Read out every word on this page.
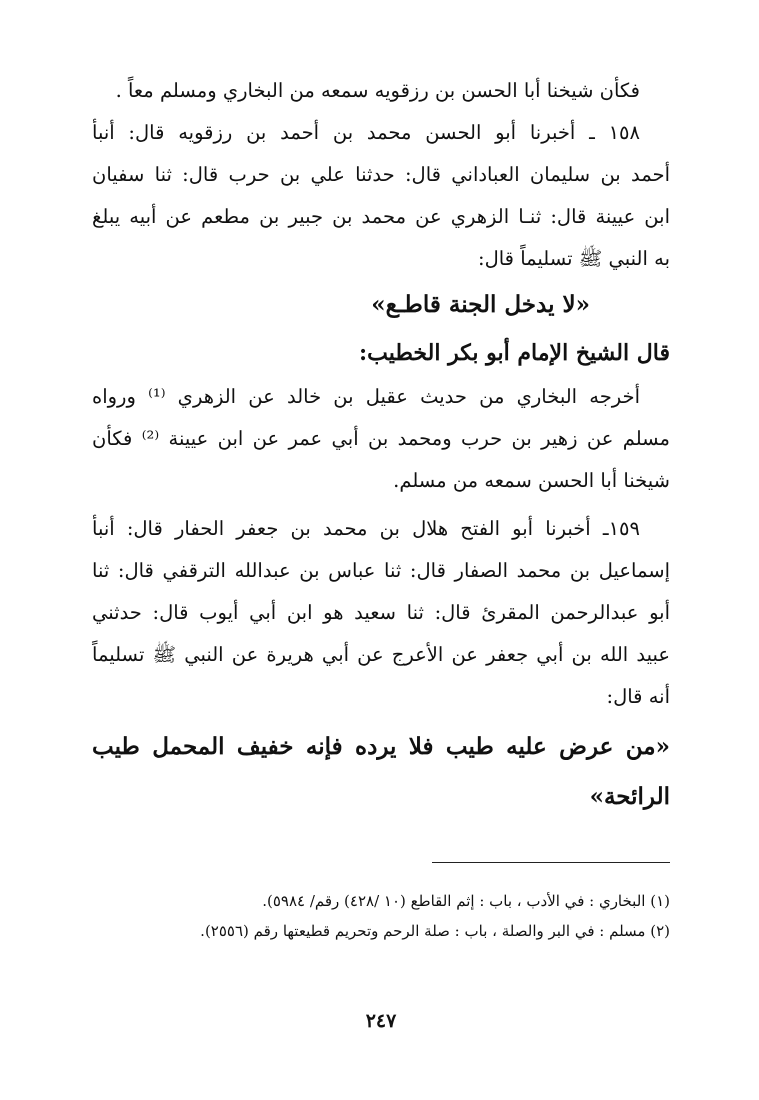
فكأن شيخنا أبا الحسن بن رزقويه سمعه من البخاري ومسلم معاً .
١٥٨ ـ أخبرنا أبو الحسن محمد بن أحمد بن رزقويه قال: أنبأ
أحمد بن سليمان العباداني قال: حدثنا علي بن حرب قال: ثنا سفيان
ابن عيينة قال: ثنـا الزهري عن محمد بن جبير بن مطعم عن أبيه يبلغ
به النبي ﷺ تسليماً قال:
«لا يدخل الجنة قاطـع»
قال الشيخ الإمام أبو بكر الخطيب:
أخرجه البخاري من حديث عقيل بن خالد عن الزهري ⁽¹⁾ ورواه
مسلم عن زهير بن حرب ومحمد بن أبي عمر عن ابن عيينة ⁽²⁾ فكأن
شيخنا أبا الحسن سمعه من مسلم.
١٥٩ـ أخبرنا أبو الفتح هلال بن محمد بن جعفر الحفار قال: أنبأ
إسماعيل بن محمد الصفار قال: ثنا عباس بن عبدالله الترقفي قال: ثنا
أبو عبدالرحمن المقرئ قال: ثنا سعيد هو ابن أبي أيوب قال: حدثني
عبيد الله بن أبي جعفر عن الأعرج عن أبي هريرة عن النبي ﷺ تسليماً
أنه قال:
«من عرض عليه طيب فلا يرده فإنه خفيف المحمل طيب
الرائحة»
(١) البخاري : في الأدب ، باب : إثم القاطع (١٠ /٤٢٨) رقم/ ٥٩٨٤).
(٢) مسلم : في البر والصلة ، باب : صلة الرحم وتحريم قطيعتها رقم (٢٥٥٦).
٢٤٧
